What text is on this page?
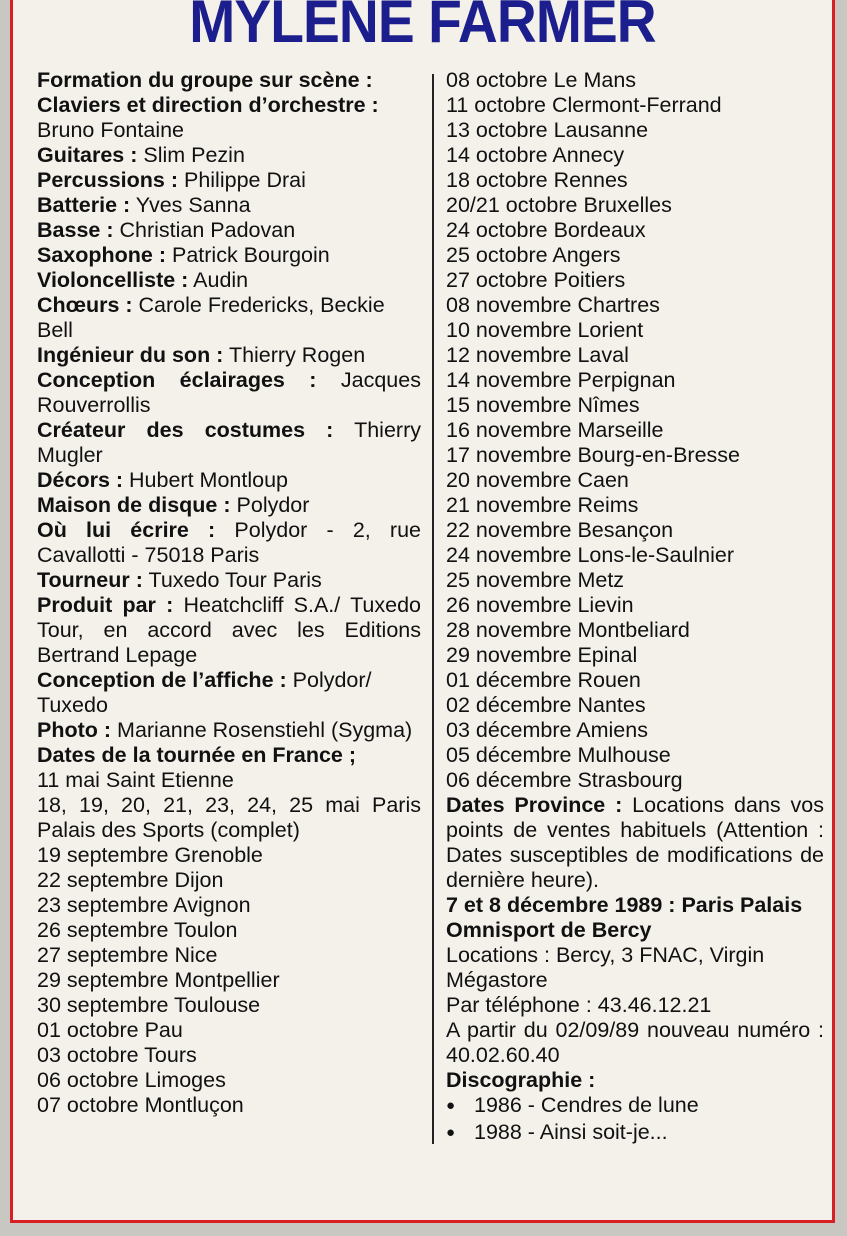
MYLENE FARMER
Formation du groupe sur scène :
Claviers et direction d’orchestre :
Bruno Fontaine
Guitares : Slim Pezin
Percussions : Philippe Drai
Batterie : Yves Sanna
Basse : Christian Padovan
Saxophone : Patrick Bourgoin
Violoncelliste : Audin
Chœurs : Carole Fredericks, Beckie Bell
Ingénieur du son : Thierry Rogen
Conception éclairages : Jacques Rouverrollis
Créateur des costumes : Thierry Mugler
Décors : Hubert Montloup
Maison de disque : Polydor
Où lui écrire : Polydor - 2, rue Cavallotti - 75018 Paris
Tourneur : Tuxedo Tour Paris
Produit par : Heatchcliff S.A./ Tuxedo Tour, en accord avec les Editions Bertrand Lepage
Conception de l’affiche : Polydor/ Tuxedo
Photo : Marianne Rosenstiehl (Sygma)
Dates de la tournée en France ;
11 mai Saint Etienne
18, 19, 20, 21, 23, 24, 25 mai Paris Palais des Sports (complet)
19 septembre Grenoble
22 septembre Dijon
23 septembre Avignon
26 septembre Toulon
27 septembre Nice
29 septembre Montpellier
30 septembre Toulouse
01 octobre Pau
03 octobre Tours
06 octobre Limoges
07 octobre Montluçon
08 octobre Le Mans
11 octobre Clermont-Ferrand
13 octobre Lausanne
14 octobre Annecy
18 octobre Rennes
20/21 octobre Bruxelles
24 octobre Bordeaux
25 octobre Angers
27 octobre Poitiers
08 novembre Chartres
10 novembre Lorient
12 novembre Laval
14 novembre Perpignan
15 novembre Nîmes
16 novembre Marseille
17 novembre Bourg-en-Bresse
20 novembre Caen
21 novembre Reims
22 novembre Besançon
24 novembre Lons-le-Saulnier
25 novembre Metz
26 novembre Lievin
28 novembre Montbeliard
29 novembre Epinal
01 décembre Rouen
02 décembre Nantes
03 décembre Amiens
05 décembre Mulhouse
06 décembre Strasbourg
Dates Province : Locations dans vos points de ventes habituels (Attention : Dates susceptibles de modifications de dernière heure).
7 et 8 décembre 1989 : Paris Palais Omnisport de Bercy
Locations : Bercy, 3 FNAC, Virgin Mégastore
Par téléphone : 43.46.12.21
A partir du 02/09/89 nouveau numéro : 40.02.60.40
Discographie :
●1986 - Cendres de lune
●1988 - Ainsi soit-je...
